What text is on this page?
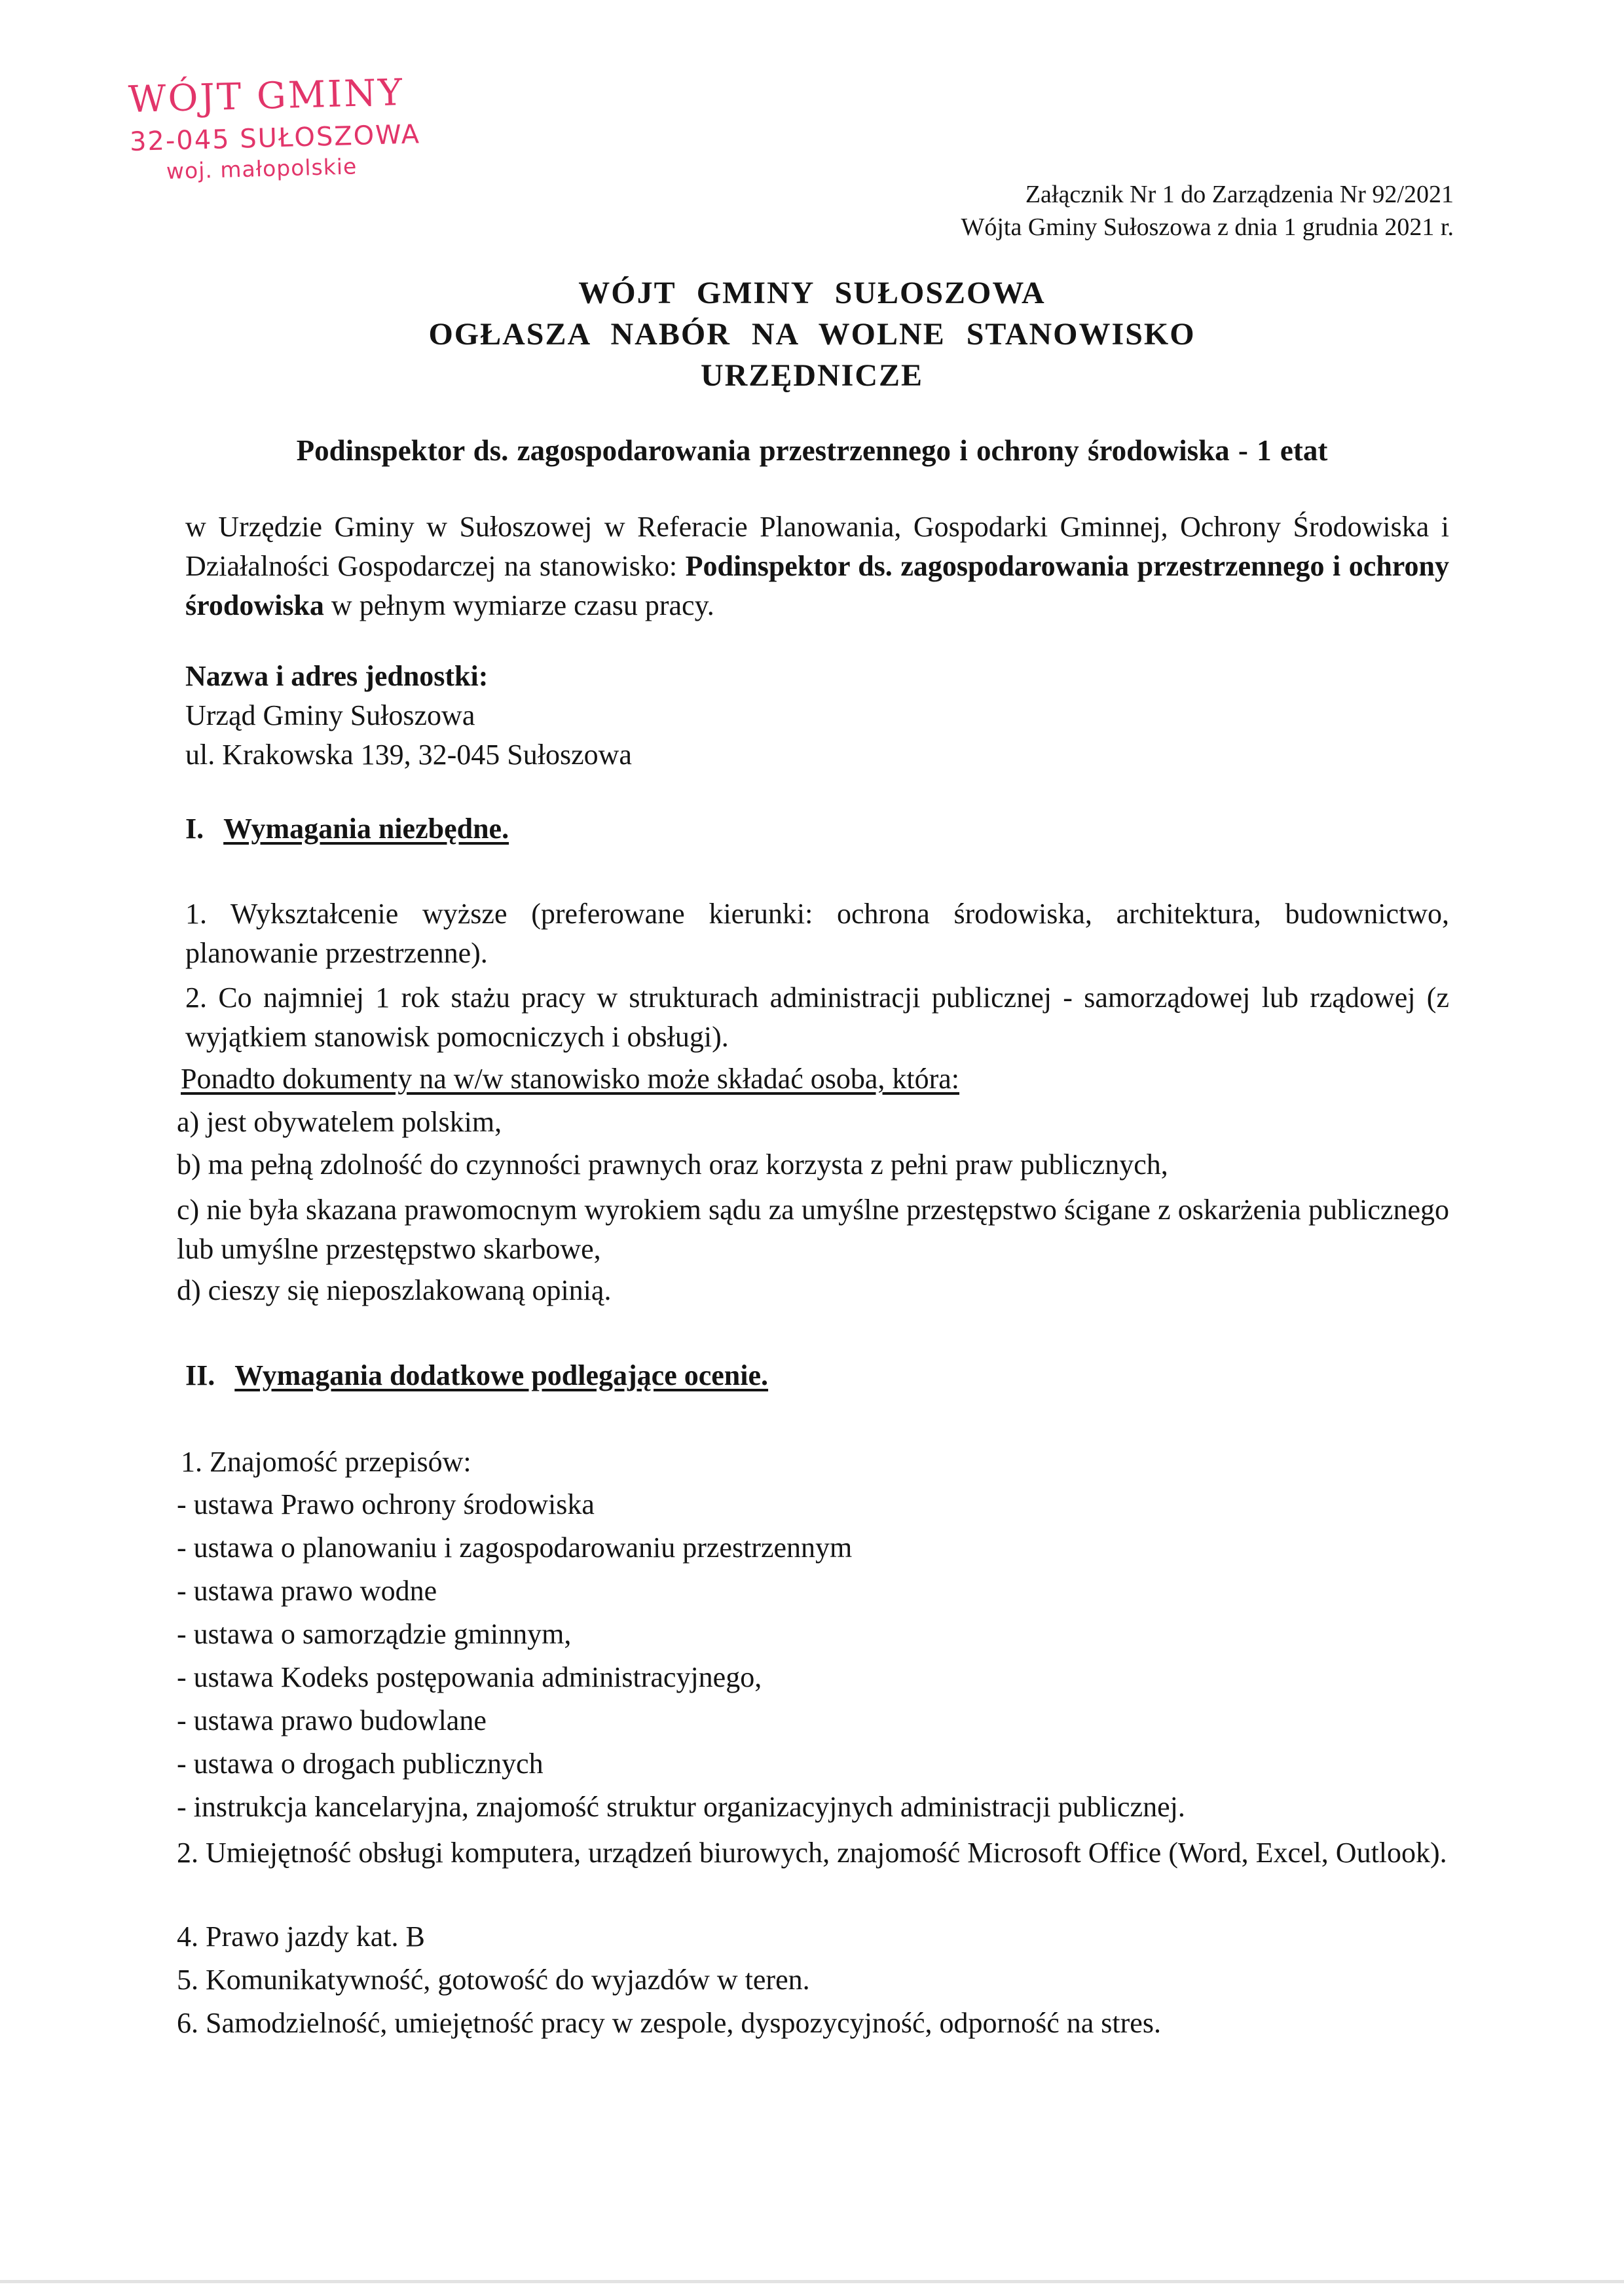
WÓJT GMINY
32-045 SUŁOSZOWA
woj. małopolskie
Załącznik Nr 1 do Zarządzenia Nr 92/2021
Wójta Gminy Sułoszowa z dnia 1 grudnia 2021 r.
WÓJT GMINY SUŁOSZOWA
OGŁASZA NABÓR NA WOLNE STANOWISKO
URZĘDNICZE
Podinspektor ds. zagospodarowania przestrzennego i ochrony środowiska - 1 etat
w Urzędzie Gminy w Sułoszowej w Referacie Planowania, Gospodarki Gminnej, Ochrony Środowiska i Działalności Gospodarczej na stanowisko: Podinspektor ds. zagospodarowania przestrzennego i ochrony środowiska w pełnym wymiarze czasu pracy.
Nazwa i adres jednostki:
Urząd Gminy Sułoszowa
ul. Krakowska 139, 32-045 Sułoszowa
I. Wymagania niezbędne.
1. Wykształcenie wyższe (preferowane kierunki: ochrona środowiska, architektura, budownictwo, planowanie przestrzenne).
2. Co najmniej 1 rok stażu pracy w strukturach administracji publicznej - samorządowej lub rządowej (z wyjątkiem stanowisk pomocniczych i obsługi).
Ponadto dokumenty na w/w stanowisko może składać osoba, która:
a) jest obywatelem polskim,
b) ma pełną zdolność do czynności prawnych oraz korzysta z pełni praw publicznych,
c) nie była skazana prawomocnym wyrokiem sądu za umyślne przestępstwo ścigane z oskarżenia publicznego lub umyślne przestępstwo skarbowe,
d) cieszy się nieposzlakowaną opinią.
II. Wymagania dodatkowe podlegające ocenie.
1. Znajomość przepisów:
- ustawa Prawo ochrony środowiska
- ustawa o planowaniu i zagospodarowaniu przestrzennym
- ustawa prawo wodne
- ustawa o samorządzie gminnym,
- ustawa Kodeks postępowania administracyjnego,
- ustawa prawo budowlane
- ustawa o drogach publicznych
- instrukcja kancelaryjna, znajomość struktur organizacyjnych administracji publicznej.
2. Umiejętność obsługi komputera, urządzeń biurowych, znajomość Microsoft Office (Word, Excel, Outlook).
4. Prawo jazdy kat. B
5. Komunikatywność, gotowość do wyjazdów w teren.
6. Samodzielność, umiejętność pracy w zespole, dyspozycyjność, odporność na stres.
